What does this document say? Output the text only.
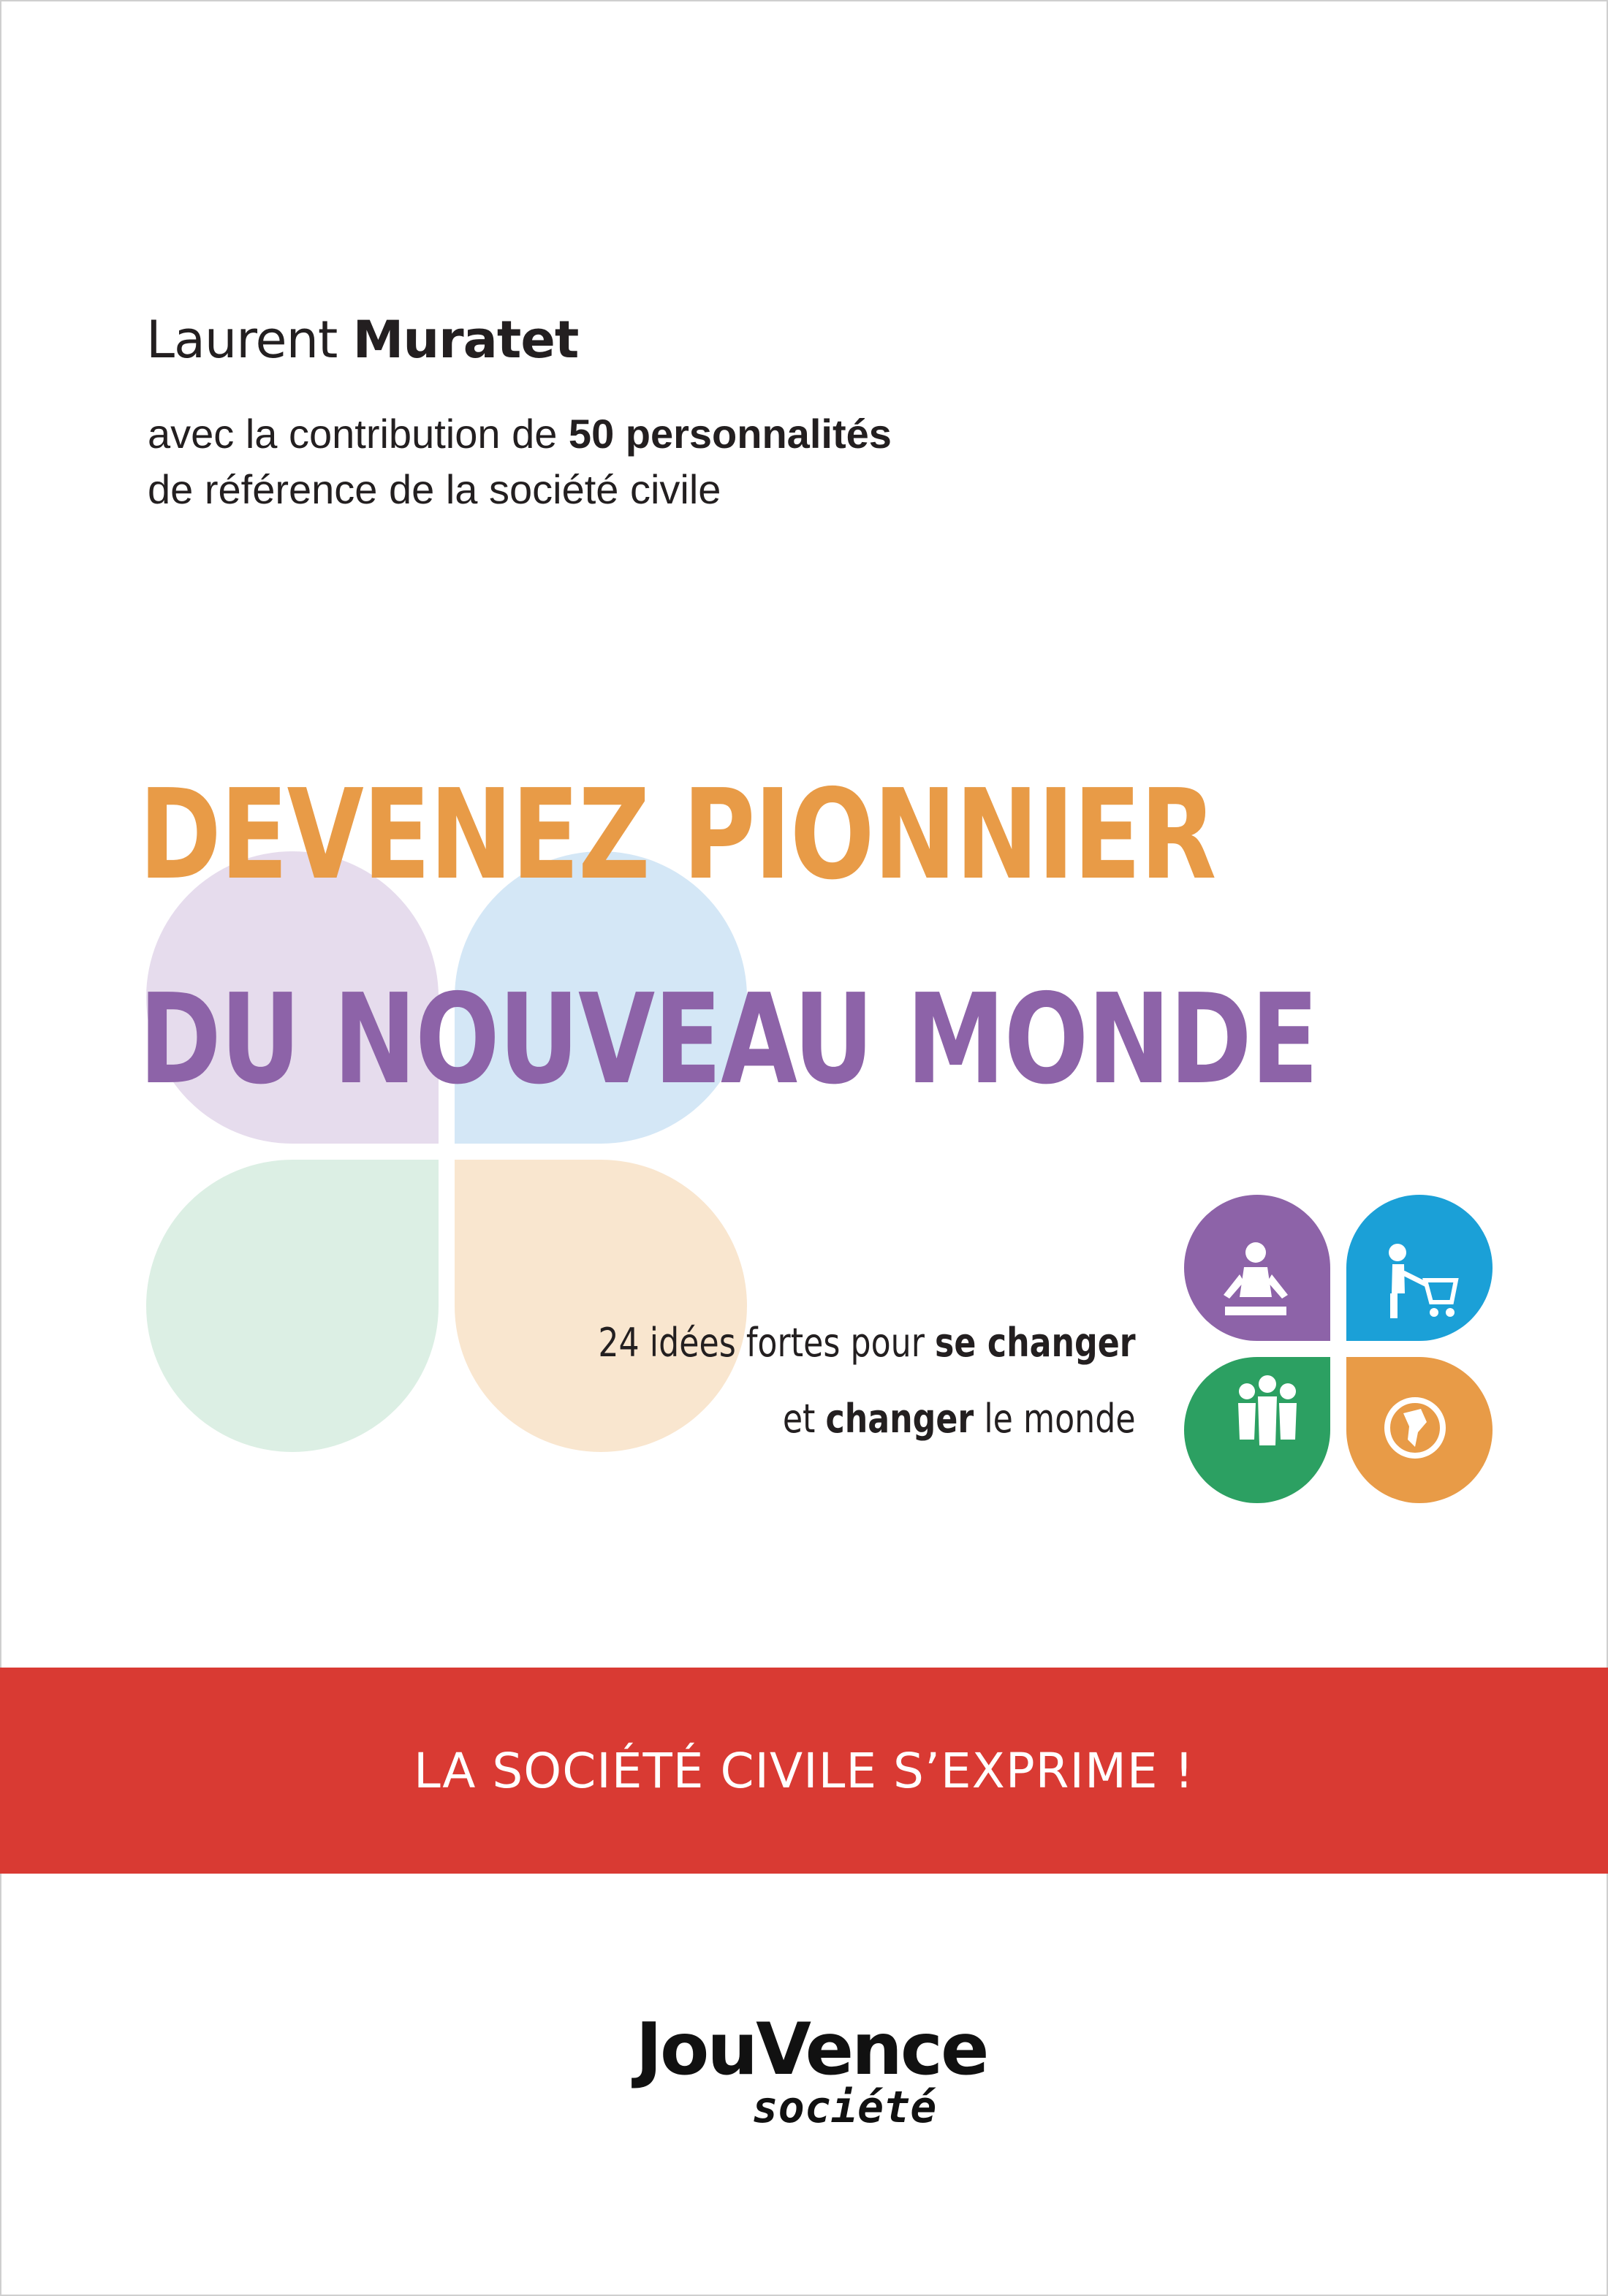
Laurent Muratet
avec la contribution de 50 personnalités
de référence de la société civile
DEVENEZ PIONNIER
DU NOUVEAU MONDE
24 idées fortes pour se changer
et changer le monde
LA SOCIÉTÉ CIVILE S’EXPRIME !
JouVence
société
